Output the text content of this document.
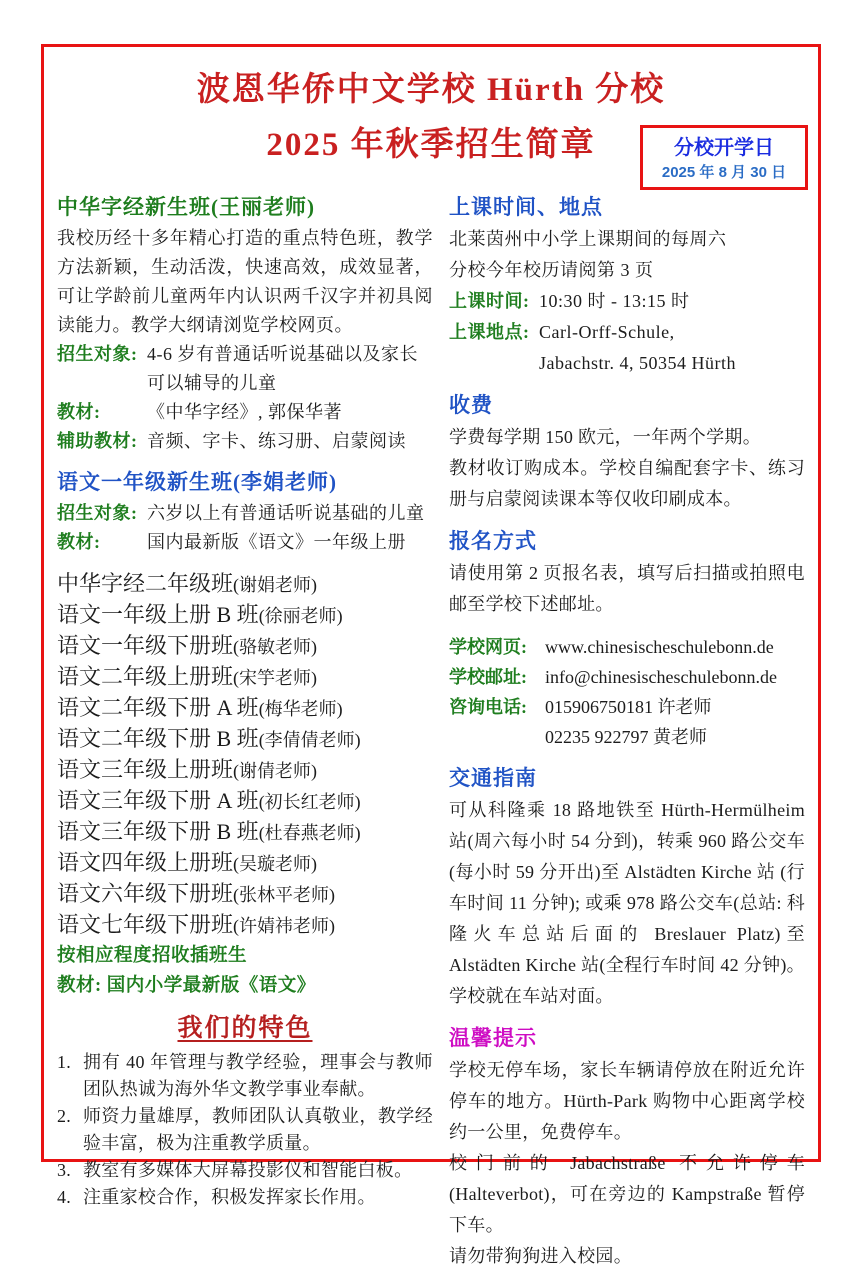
波恩华侨中文学校 Hürth 分校
2025 年秋季招生简章	分校开学日
2025 年 8 月 30 日
中华字经新生班(王丽老师)

我校历经十多年精心打造的重点特色班，教学方法新颖，生动活泼，快速高效，成效显著，可让学龄前儿童两年内认识两千汉字并初具阅读能力。教学大纲请浏览学校网页。

招生对象: 4-6 岁有普通话听说基础以及家长可以辅导的儿童
教材:	《中华字经》, 郭保华著
辅助教材: 音频、字卡、练习册、启蒙阅读
语文一年级新生班(李娟老师)
招生对象: 六岁以上有普通话听说基础的儿童
教材:	国内最新版《语文》一年级上册
中华字经二年级班(谢娟老师)
语文一年级上册 B 班(徐丽老师)
语文一年级下册班(骆敏老师)
语文二年级上册班(宋竽老师)
语文二年级下册 A 班(梅华老师)
语文二年级下册 B 班(李倩倩老师)
语文三年级上册班(谢倩老师)
语文三年级下册 A 班(初长红老师)
语文三年级下册 B 班(杜春燕老师)
语文四年级上册班(吴璇老师)
语文六年级下册班(张林平老师)
语文七年级下册班(许婧祎老师)
按相应程度招收插班生
教材: 国内小学最新版《语文》
我们的特色
1. 拥有 40 年管理与教学经验，理事会与教师团队热诚为海外华文教学事业奉献。
2. 师资力量雄厚，教师团队认真敬业，教学经验丰富，极为注重教学质量。
3. 教室有多媒体大屏幕投影仪和智能白板。
4. 注重家校合作，积极发挥家长作用。
上课时间、地点
北莱茵州中小学上课期间的每周六
分校今年校历请阅第 3 页
上课时间: 10:30 时 - 13:15 时
上课地点: Carl-Orff-Schule,
Jabachstr. 4, 50354 Hürth
收费

学费每学期 150 欧元，一年两个学期。

教材收订购成本。学校自编配套字卡、练习册与启蒙阅读课本等仅收印刷成本。

报名方式

请使用第 2 页报名表，填写后扫描或拍照电邮至学校下述邮址。

学校网页:	www.chinesischeschulebonn.de
学校邮址:	info@chinesischeschulebonn.de
咨询电话:	015906750181 许老师
02235 922797 黄老师
交通指南

可从科隆乘 18 路地铁至 Hürth-Hermülheim 站(周六每小时 54 分到)，转乘 960 路公交车(每小时 59 分开出)至 Alstädten Kirche 站 (行车时间 11 分钟); 或乘 978 路公交车(总站: 科隆火车总站后面的 Breslauer Platz)至 Alstädten Kirche 站(全程行车时间 42 分钟)。学校就在车站对面。

温馨提示

学校无停车场，家长车辆请停放在附近允许停车的地方。Hürth-Park 购物中心距离学校约一公里，免费停车。

校门前的 Jabachstraße 不允许停车 (Halteverbot)，可在旁边的 Kampstraße 暂停下车。

请勿带狗狗进入校园。
